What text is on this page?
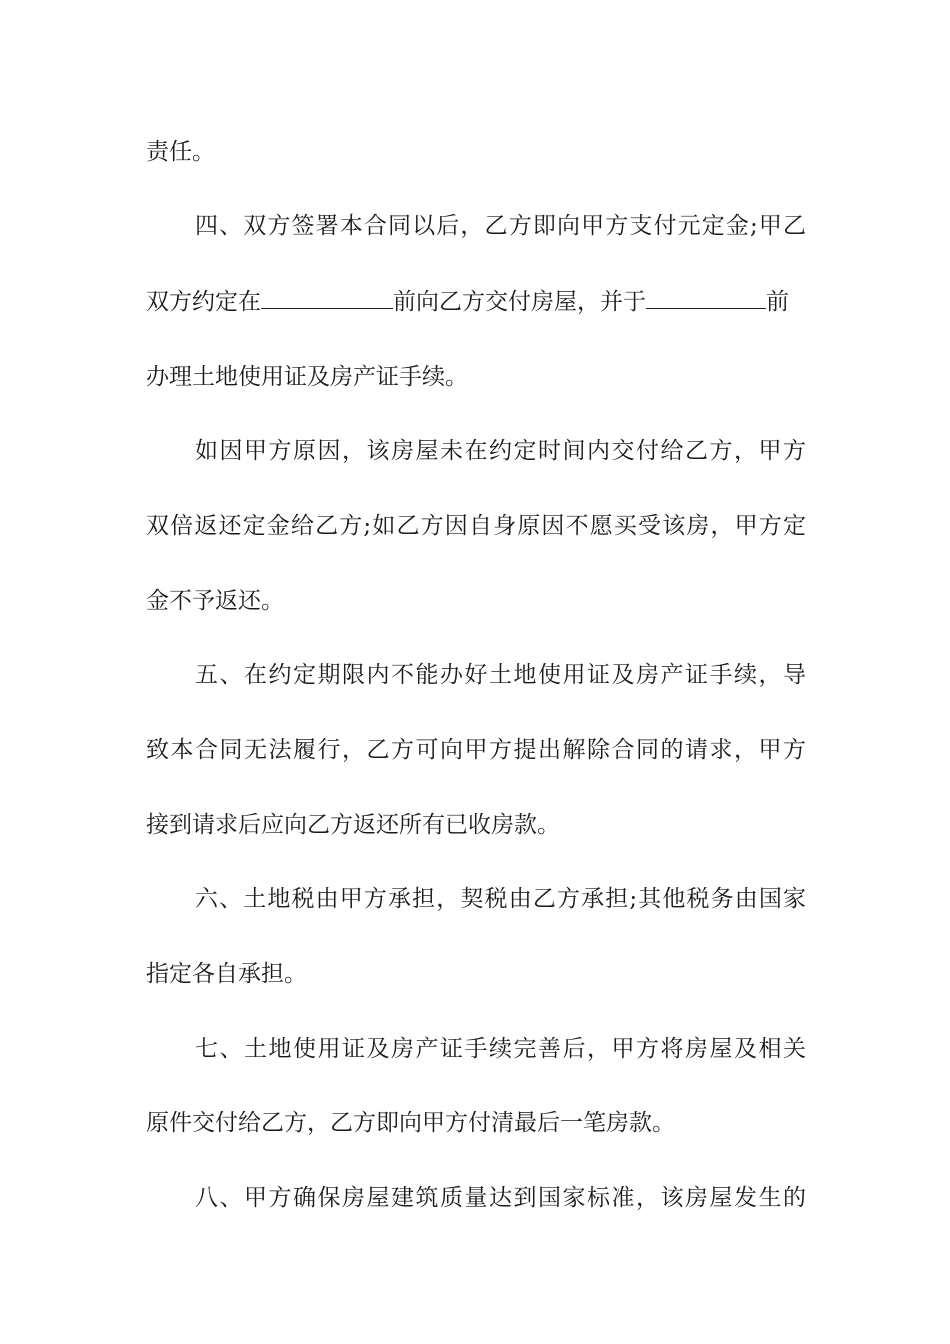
责任。
四、双方签署本合同以后，乙方即向甲方支付元定金;甲乙
双方约定在	前向乙方交付房屋，并于	前
办理土地使用证及房产证手续。
如因甲方原因，该房屋未在约定时间内交付给乙方，甲方
双倍返还定金给乙方;如乙方因自身原因不愿买受该房，甲方定
金不予返还。
五、在约定期限内不能办好土地使用证及房产证手续，导
致本合同无法履行，乙方可向甲方提出解除合同的请求，甲方
接到请求后应向乙方返还所有已收房款。
六、土地税由甲方承担，契税由乙方承担;其他税务由国家
指定各自承担。
七、土地使用证及房产证手续完善后，甲方将房屋及相关
原件交付给乙方，乙方即向甲方付清最后一笔房款。
八、甲方确保房屋建筑质量达到国家标准，该房屋发生的
